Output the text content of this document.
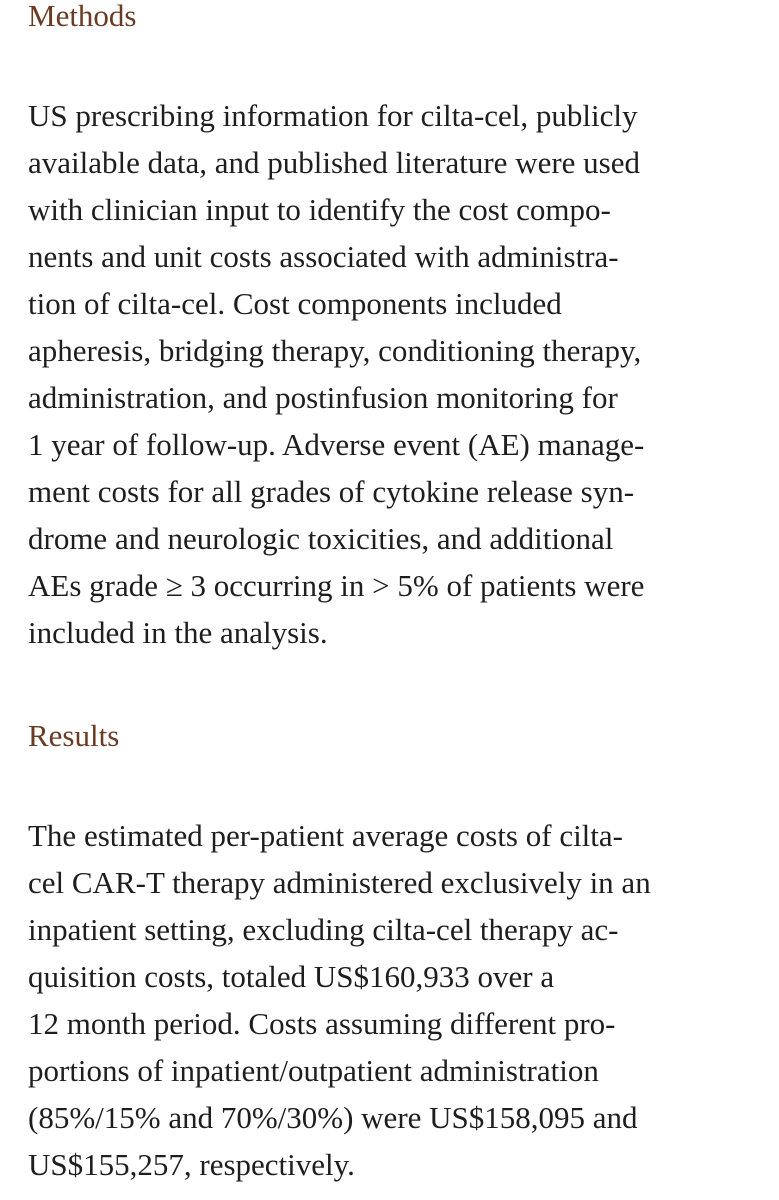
Methods

US prescribing information for cilta-cel, publicly
available data, and published literature were used
with clinician input to identify the cost compo-
nents and unit costs associated with administra-
tion of cilta-cel. Cost components included
apheresis, bridging therapy, conditioning therapy,
administration, and postinfusion monitoring for
1 year of follow-up. Adverse event (AE) manage-
ment costs for all grades of cytokine release syn-
drome and neurologic toxicities, and additional
AEs grade ≥ 3 occurring in > 5% of patients were
included in the analysis.

Results

The estimated per-patient average costs of cilta-
cel CAR-T therapy administered exclusively in an
inpatient setting, excluding cilta-cel therapy ac-
quisition costs, totaled US$160,933 over a
12 month period. Costs assuming different pro-
portions of inpatient/outpatient administration
(85%/15% and 70%/30%) were US$158,095 and
US$155,257, respectively.
